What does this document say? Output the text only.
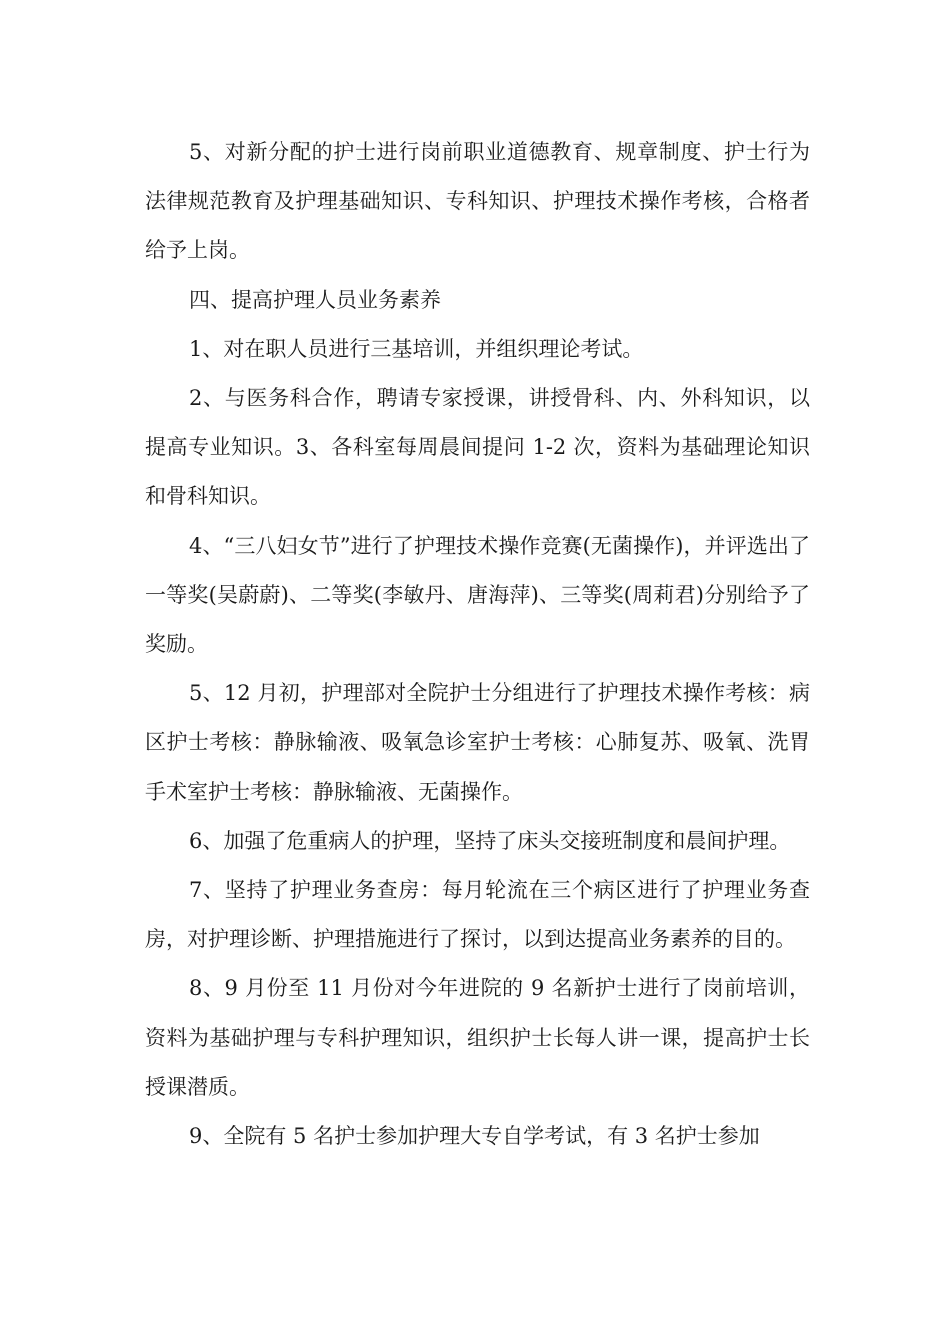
5、对新分配的护士进行岗前职业道德教育、规章制度、护士行为法律规范教育及护理基础知识、专科知识、护理技术操作考核，合格者给予上岗。

四、提高护理人员业务素养

1、对在职人员进行三基培训，并组织理论考试。

2、与医务科合作，聘请专家授课，讲授骨科、内、外科知识，以提高专业知识。3、各科室每周晨间提问 1-2 次，资料为基础理论知识和骨科知识。

4、“三八妇女节”进行了护理技术操作竞赛(无菌操作)，并评选出了一等奖(吴蔚蔚)、二等奖(李敏丹、唐海萍)、三等奖(周莉君)分别给予了奖励。

5、12 月初，护理部对全院护士分组进行了护理技术操作考核：病区护士考核：静脉输液、吸氧急诊室护士考核：心肺复苏、吸氧、洗胃手术室护士考核：静脉输液、无菌操作。

6、加强了危重病人的护理，坚持了床头交接班制度和晨间护理。

7、坚持了护理业务查房：每月轮流在三个病区进行了护理业务查房，对护理诊断、护理措施进行了探讨，以到达提高业务素养的目的。

8、9 月份至 11 月份对今年进院的 9 名新护士进行了岗前培训，资料为基础护理与专科护理知识，组织护士长每人讲一课，提高护士长授课潜质。

9、全院有 5 名护士参加护理大专自学考试，有 3 名护士参加
